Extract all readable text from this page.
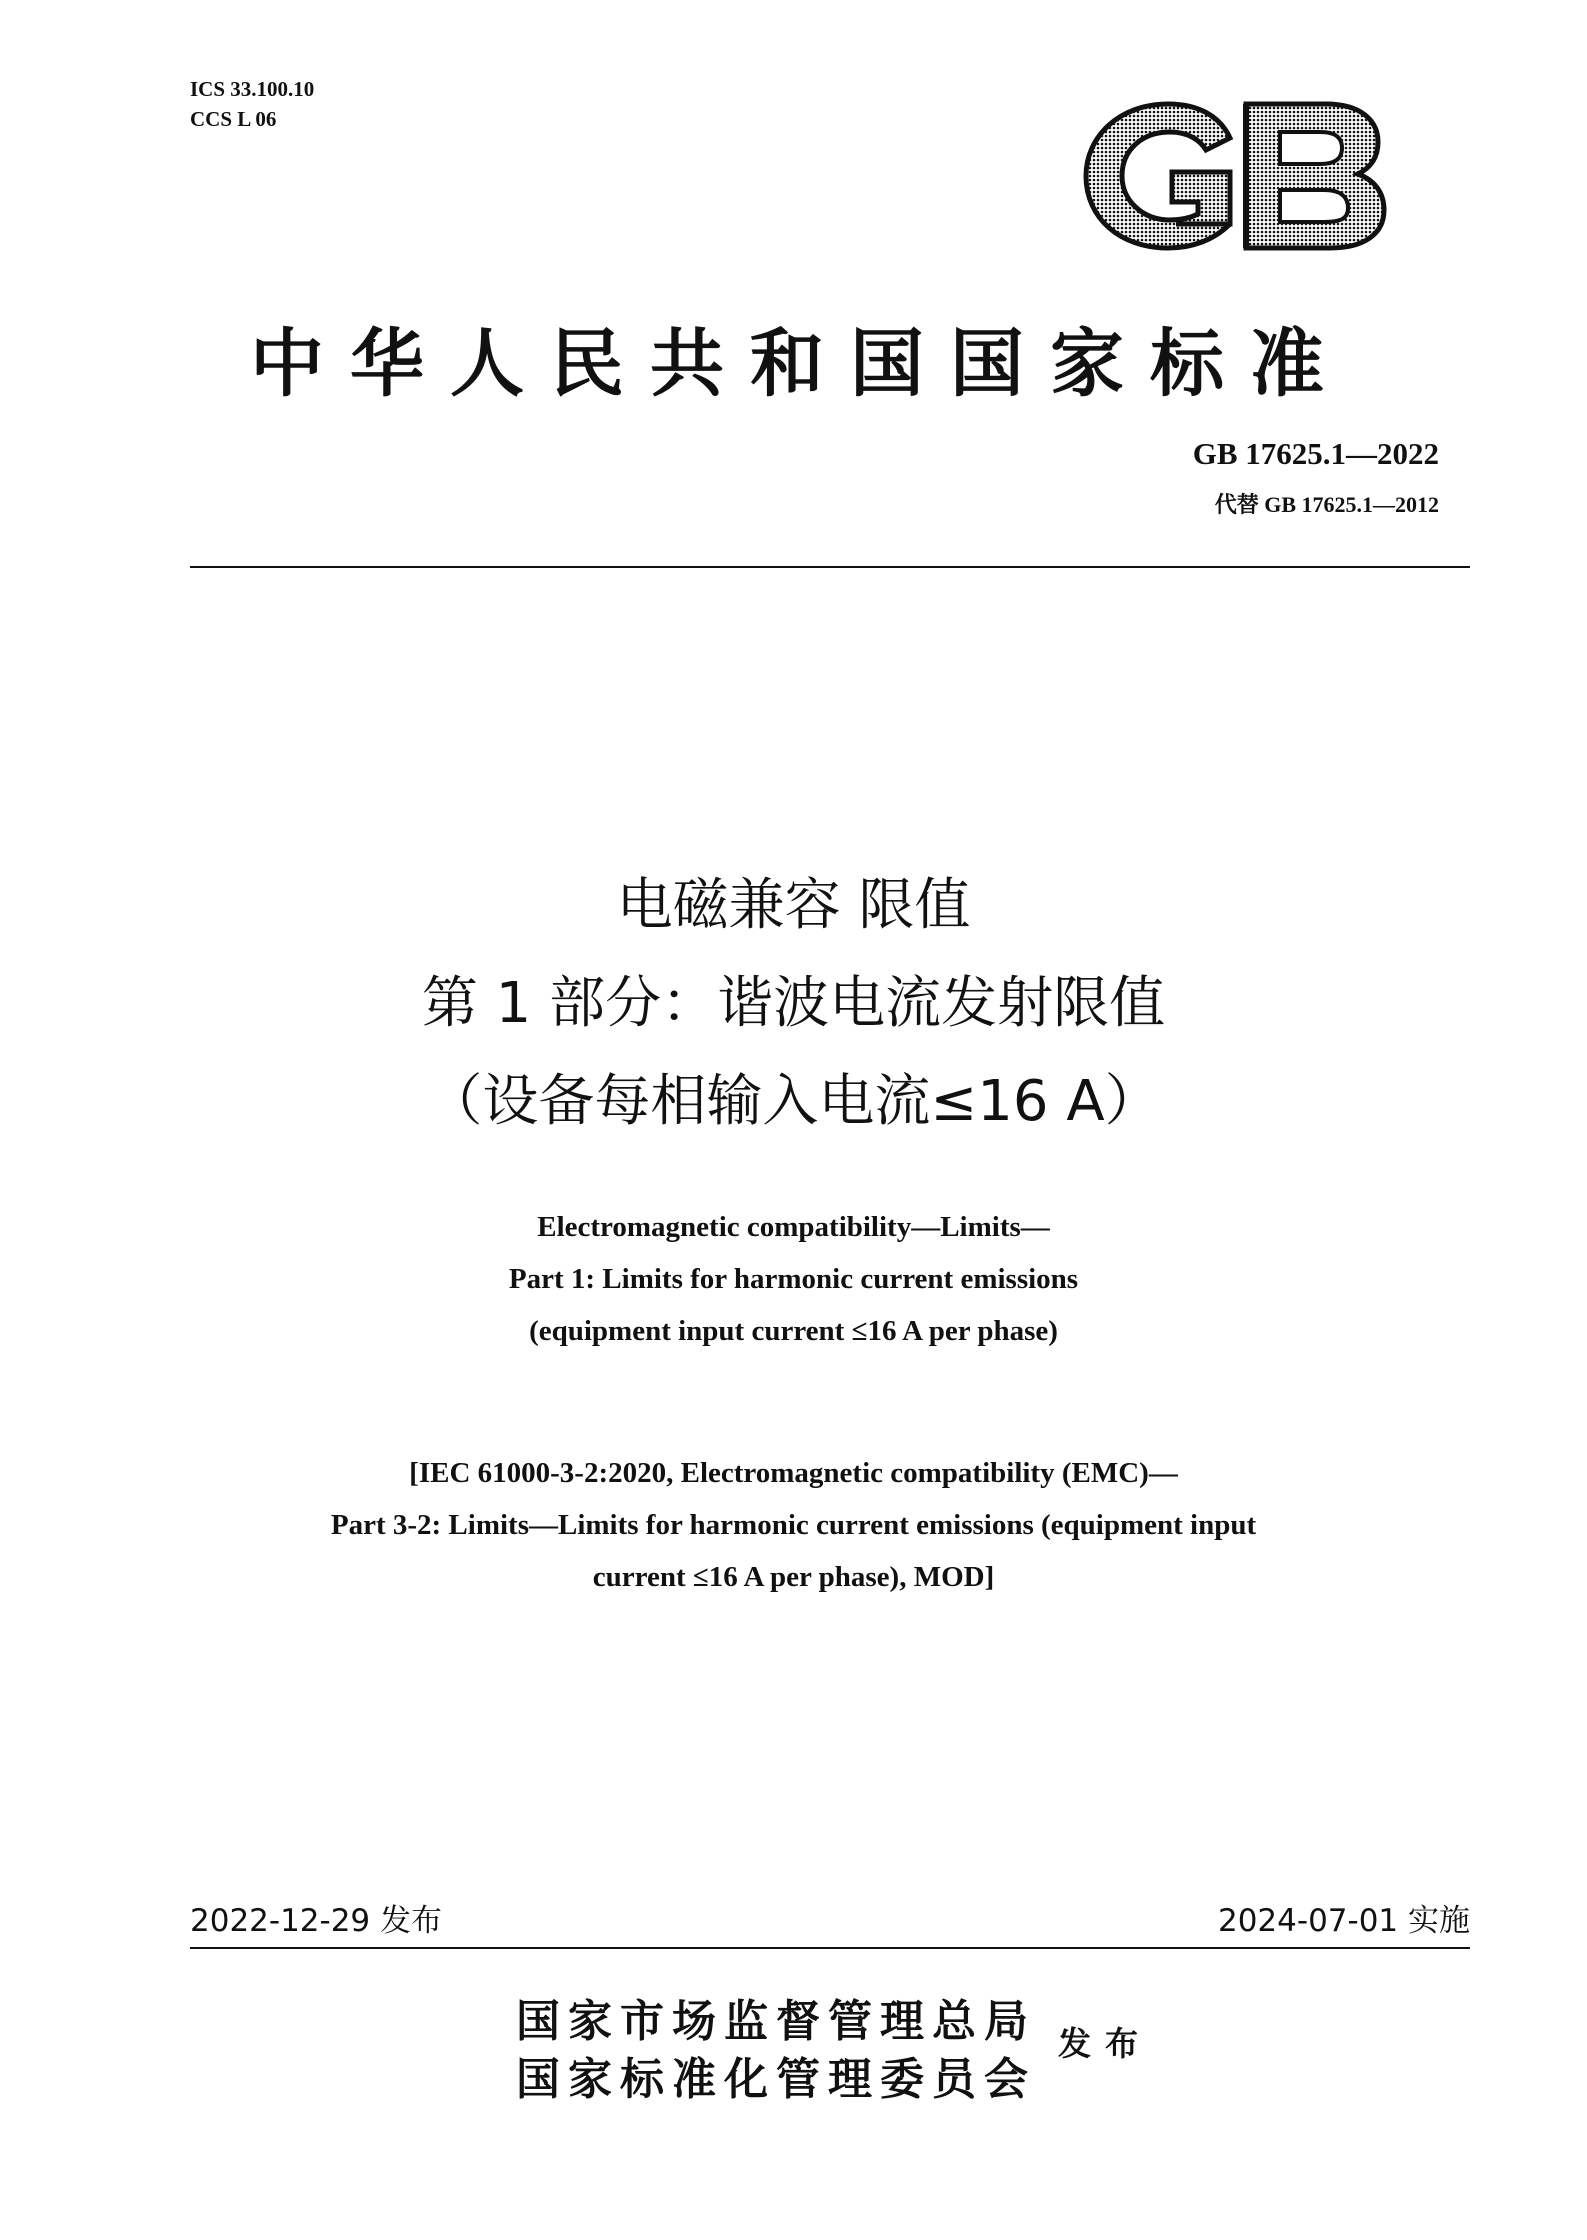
ICS 33.100.10
CCS L 06
中华人民共和国国家标准
GB 17625.1—2022
代替 GB 17625.1—2012
电磁兼容 限值
第 1 部分：谐波电流发射限值
（设备每相输入电流≤16 A）
Electromagnetic compatibility—Limits—
Part 1: Limits for harmonic current emissions
(equipment input current ≤16 A per phase)
[IEC 61000-3-2:2020, Electromagnetic compatibility (EMC)—
Part 3-2: Limits—Limits for harmonic current emissions (equipment input
current ≤16 A per phase), MOD]
2022-12-29 发布	2024-07-01 实施
国家市场监督管理总局
国家标准化管理委员会
发布
